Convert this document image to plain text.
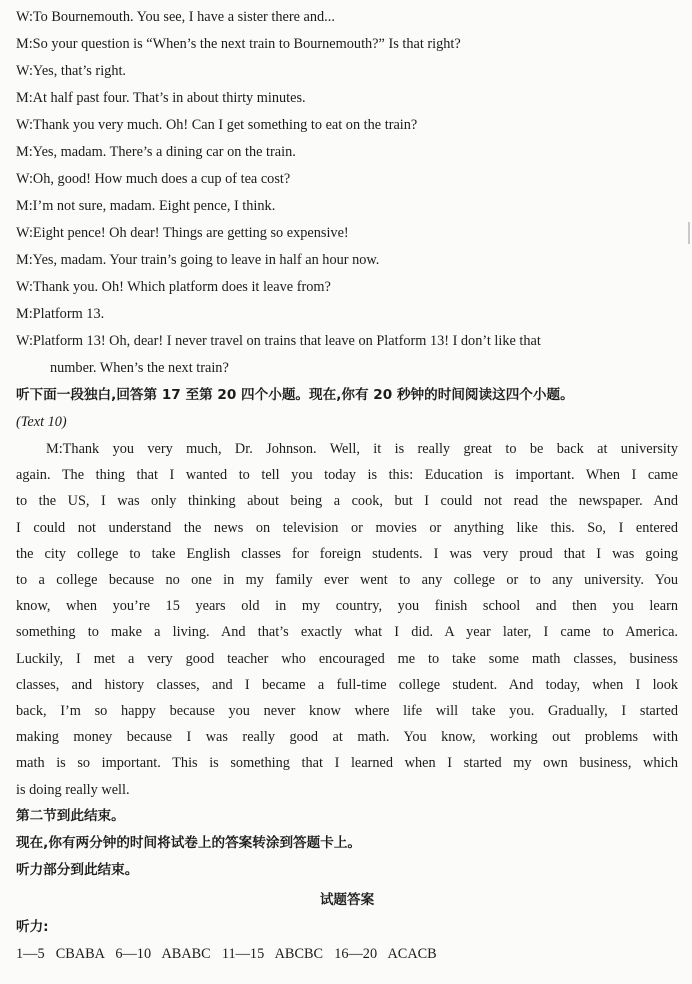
W:To Bournemouth. You see, I have a sister there and...
M:So your question is “When’s the next train to Bournemouth?” Is that right?
W:Yes, that’s right.
M:At half past four. That’s in about thirty minutes.
W:Thank you very much. Oh! Can I get something to eat on the train?
M:Yes, madam. There’s a dining car on the train.
W:Oh, good! How much does a cup of tea cost?
M:I’m not sure, madam. Eight pence, I think.
W:Eight pence! Oh dear! Things are getting so expensive!
M:Yes, madam. Your train’s going to leave in half an hour now.
W:Thank you. Oh! Which platform does it leave from?
M:Platform 13.
W:Platform 13! Oh, dear! I never travel on trains that leave on Platform 13! I don’t like that
number. When’s the next train?
听下面一段独白,回答第 17 至第 20 四个小题。现在,你有 20 秒钟的时间阅读这四个小题。
(Text 10)
M:Thank you very much, Dr. Johnson. Well, it is really great to be back at university
again. The thing that I wanted to tell you today is this: Education is important. When I came
to the US, I was only thinking about being a cook, but I could not read the newspaper. And
I could not understand the news on television or movies or anything like this. So, I entered
the city college to take English classes for foreign students. I was very proud that I was going
to a college because no one in my family ever went to any college or to any university. You
know, when you’re 15 years old in my country, you finish school and then you learn
something to make a living. And that’s exactly what I did. A year later, I came to America.
Luckily, I met a very good teacher who encouraged me to take some math classes, business
classes, and history classes, and I became a full-time college student. And today, when I look
back, I’m so happy because you never know where life will take you. Gradually, I started
making money because I was really good at math. You know, working out problems with
math is so important. This is something that I learned when I started my own business, which
is doing really well.
第二节到此结束。
现在,你有两分钟的时间将试卷上的答案转涂到答题卡上。
听力部分到此结束。
试题答案
听力:
1—5  CBABA  6—10  ABABC  11—15  ABCBC  16—20  ACACB
